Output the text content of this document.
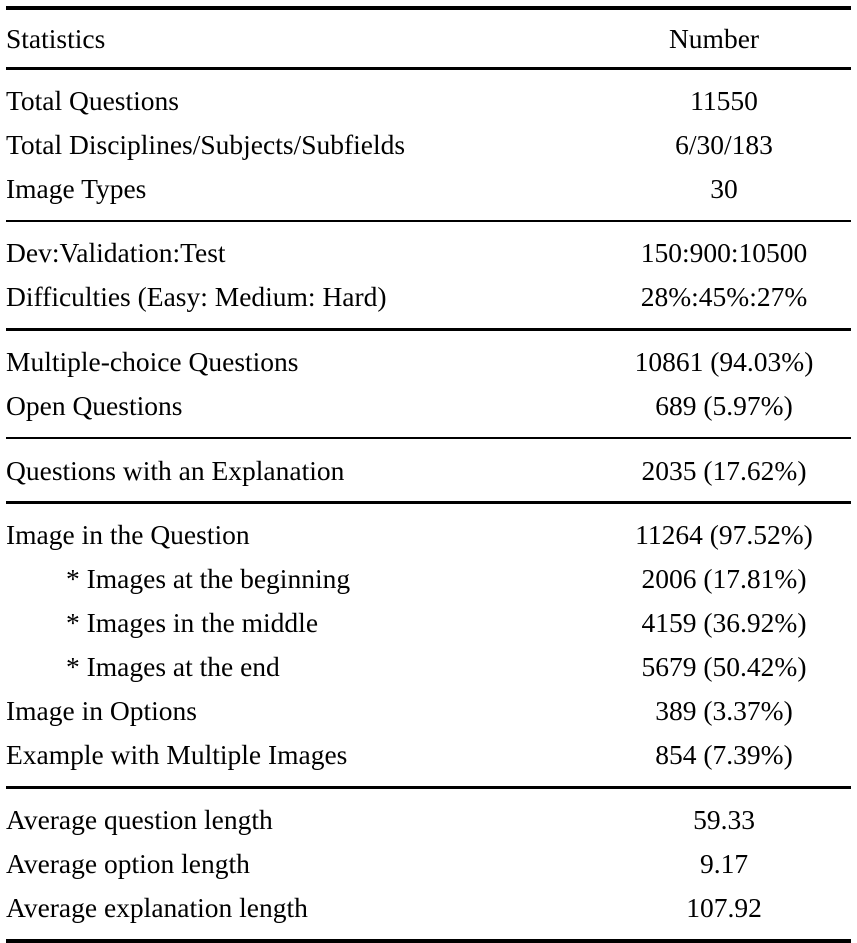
Statistics	Number

Total Questions	11550
Total Disciplines/Subjects/Subfields	6/30/183
Image Types	30

Dev:Validation:Test	150:900:10500
Difficulties (Easy: Medium: Hard)	28%:45%:27%

Multiple-choice Questions	10861 (94.03%)
Open Questions	689 (5.97%)

Questions with an Explanation	2035 (17.62%)

Image in the Question	11264 (97.52%)
* Images at the beginning	2006 (17.81%)
* Images in the middle	4159 (36.92%)
* Images at the end	5679 (50.42%)
Image in Options	389 (3.37%)
Example with Multiple Images	854 (7.39%)

Average question length	59.33
Average option length	9.17
Average explanation length	107.92
